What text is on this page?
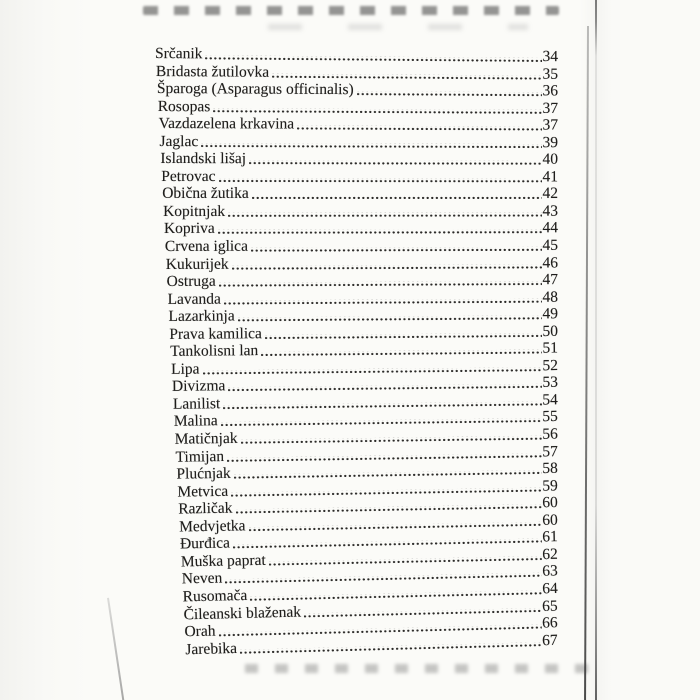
Srčanik	34
Bridasta žutilovka	35
Šparoga (Asparagus officinalis)	36
Rosopas	37
Vazdazelena krkavina	37
Jaglac	39
Islandski lišaj	40
Petrovac	41
Obična žutika	42
Kopitnjak	43
Kopriva	44
Crvena iglica	45
Kukurijek	46
Ostruga	47
Lavanda	48
Lazarkinja	49
Prava kamilica	50
Tankolisni lan	51
Lipa	52
Divizma	53
Lanilist	54
Malina	55
Matičnjak	56
Timijan	57
Plućnjak	58
Metvica	59
Različak	60
Medvjetka	60
Đurđica	61
Muška paprat	62
Neven	63
Rusomača	64
Čileanski blaženak	65
Orah	66
Jarebika	67
